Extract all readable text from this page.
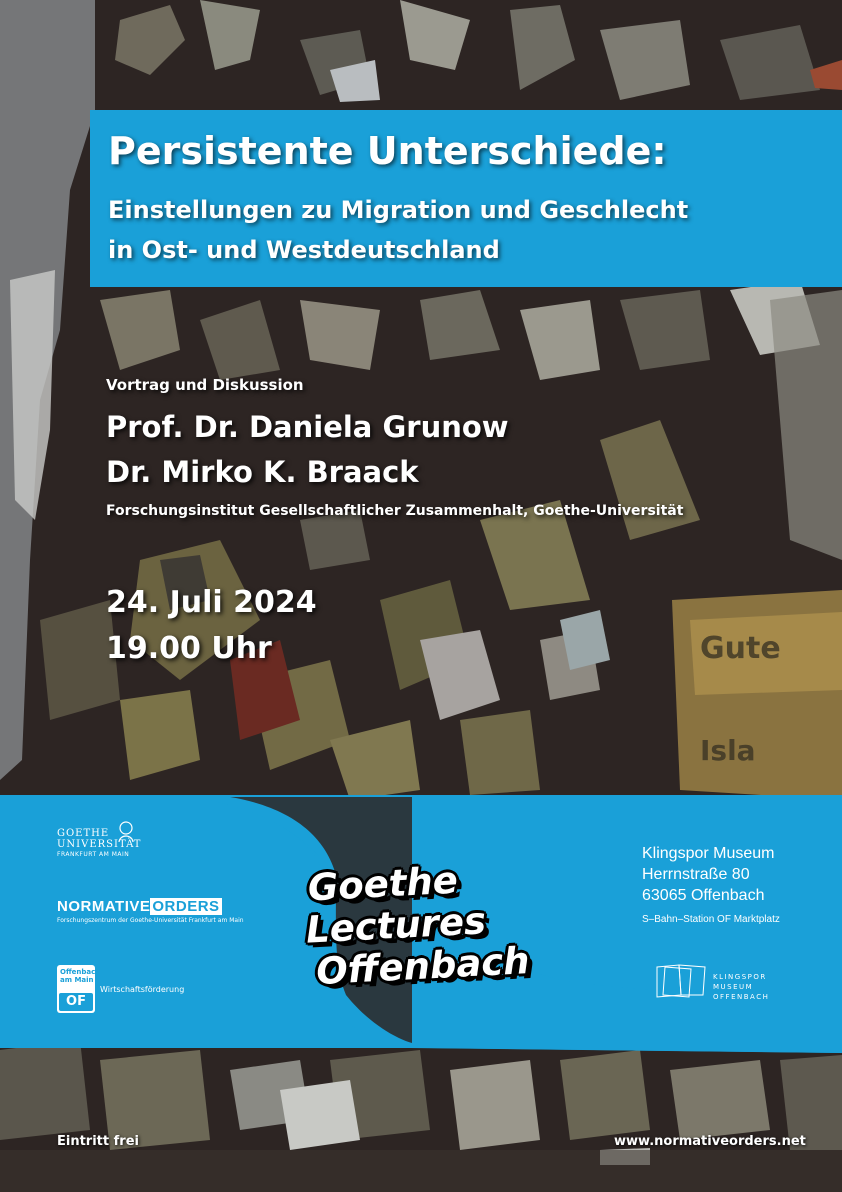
Gute
Isla
Persistente Unterschiede:
Einstellungen zu Migration und Geschlecht
in Ost- und Westdeutschland
Vortrag und Diskussion
Prof. Dr. Daniela Grunow
Dr. Mirko K. Braack
Forschungsinstitut Gesellschaftlicher Zusammenhalt, Goethe-Universität
24. Juli 2024
19.00 Uhr
GOETHE
UNIVERSITÄT
FRANKFURT AM MAIN
NORMATIVE ORDERS
Forschungszentrum der Goethe-Universität Frankfurt am Main
Offenbach
am Main
OF
Wirtschaftsförderung
Goethe
Lectures
Offenbach
Klingspor Museum
Herrnstraße 80
63065 Offenbach
S–Bahn–Station OF Marktplatz
KLINGSPOR
MUSEUM
OFFENBACH
Eintritt frei	www.normativeorders.net
